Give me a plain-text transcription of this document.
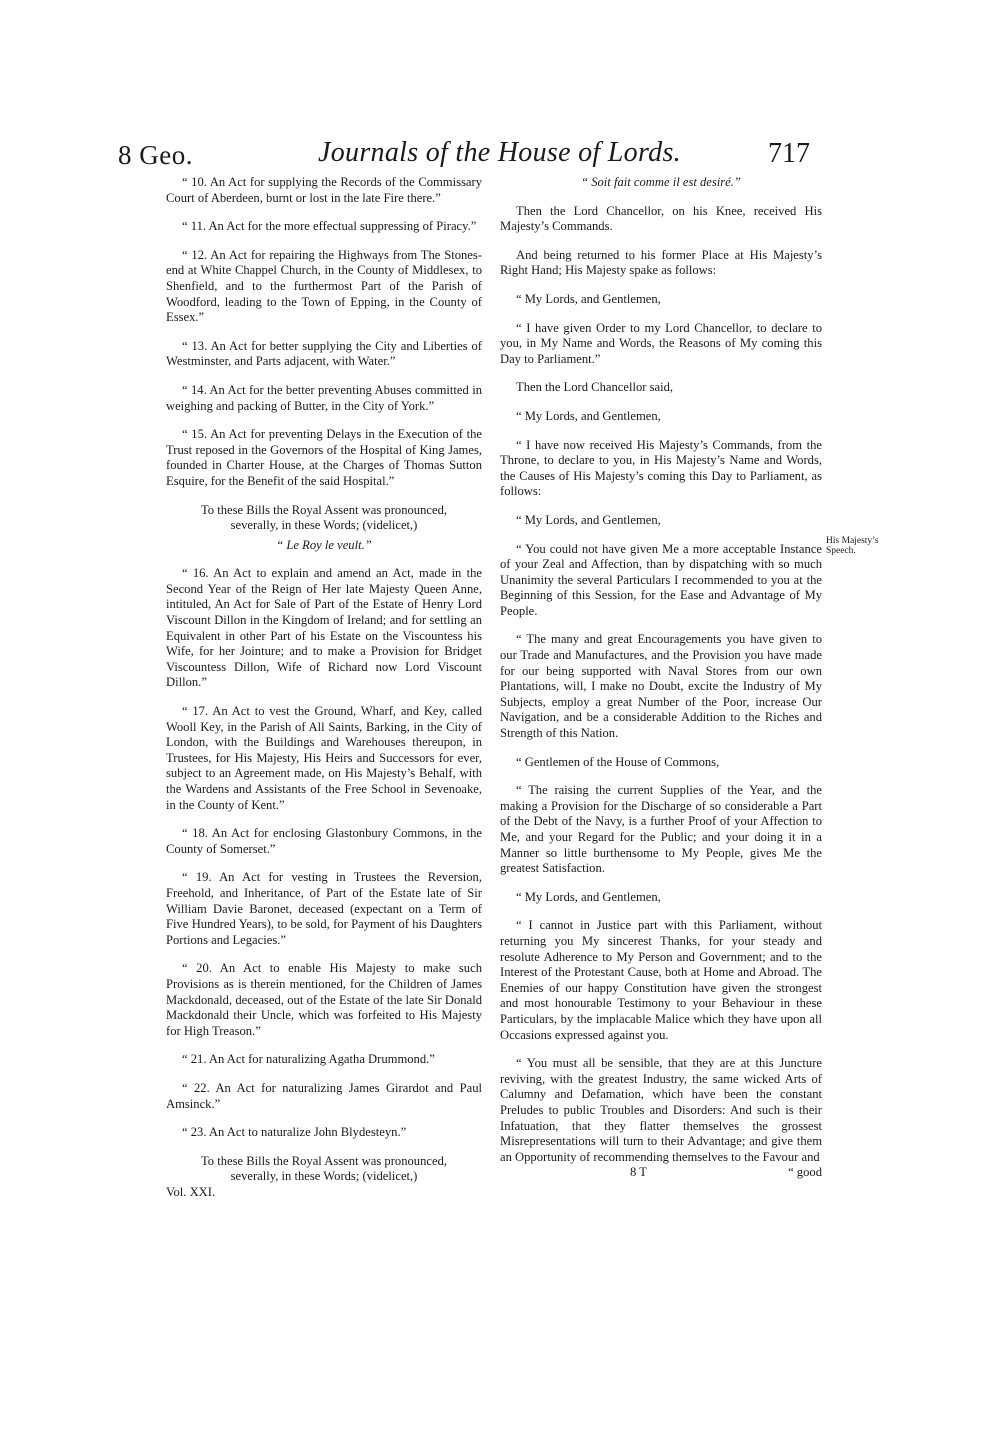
8 Geo.	Journals of the House of Lords.	717

“ 10. An Act for supplying the Records of the Commissary Court of Aberdeen, burnt or lost in the late Fire there.”

“ 11. An Act for the more effectual suppressing of Piracy.”

“ 12. An Act for repairing the Highways from The Stones-end at White Chappel Church, in the County of Middlesex, to Shenfield, and to the furthermost Part of the Parish of Woodford, leading to the Town of Epping, in the County of Essex.”

“ 13. An Act for better supplying the City and Liberties of Westminster, and Parts adjacent, with Water.”

“ 14. An Act for the better preventing Abuses committed in weighing and packing of Butter, in the City of York.”

“ 15. An Act for preventing Delays in the Execution of the Trust reposed in the Governors of the Hospital of King James, founded in Charter House, at the Charges of Thomas Sutton Esquire, for the Benefit of the said Hospital.”

To these Bills the Royal Assent was pronounced, severally, in these Words; (videlicet,)

“ Le Roy le veult.”

“ 16. An Act to explain and amend an Act, made in the Second Year of the Reign of Her late Majesty Queen Anne, intituled, An Act for Sale of Part of the Estate of Henry Lord Viscount Dillon in the Kingdom of Ireland; and for settling an Equivalent in other Part of his Estate on the Viscountess his Wife, for her Jointure; and to make a Provision for Bridget Viscountess Dillon, Wife of Richard now Lord Viscount Dillon.”

“ 17. An Act to vest the Ground, Wharf, and Key, called Wooll Key, in the Parish of All Saints, Barking, in the City of London, with the Buildings and Warehouses thereupon, in Trustees, for His Majesty, His Heirs and Successors for ever, subject to an Agreement made, on His Majesty’s Behalf, with the Wardens and Assistants of the Free School in Sevenoake, in the County of Kent.”

“ 18. An Act for enclosing Glastonbury Commons, in the County of Somerset.”

“ 19. An Act for vesting in Trustees the Reversion, Freehold, and Inheritance, of Part of the Estate late of Sir William Davie Baronet, deceased (expectant on a Term of Five Hundred Years), to be sold, for Payment of his Daughters Portions and Legacies.”

“ 20. An Act to enable His Majesty to make such Provisions as is therein mentioned, for the Children of James Mackdonald, deceased, out of the Estate of the late Sir Donald Mackdonald their Uncle, which was forfeited to His Majesty for High Treason.”

“ 21. An Act for naturalizing Agatha Drummond.”

“ 22. An Act for naturalizing James Girardot and Paul Amsinck.”

“ 23. An Act to naturalize John Blydesteyn.”

To these Bills the Royal Assent was pronounced, severally, in these Words; (videlicet,)

Vol. XXI.

“ Soit fait comme il est desiré.”

Then the Lord Chancellor, on his Knee, received His Majesty’s Commands.

And being returned to his former Place at His Majesty’s Right Hand; His Majesty spake as follows:

“ My Lords, and Gentlemen,

“ I have given Order to my Lord Chancellor, to declare to you, in My Name and Words, the Reasons of My coming this Day to Parliament.”

Then the Lord Chancellor said,

“ My Lords, and Gentlemen,

“ I have now received His Majesty’s Commands, from the Throne, to declare to you, in His Majesty’s Name and Words, the Causes of His Majesty’s coming this Day to Parliament, as follows:

“ My Lords, and Gentlemen,

“ You could not have given Me a more acceptable Instance of your Zeal and Affection, than by dispatching with so much Unanimity the several Particulars I recommended to you at the Beginning of this Session, for the Ease and Advantage of My People.

“ The many and great Encouragements you have given to our Trade and Manufactures, and the Provision you have made for our being supported with Naval Stores from our own Plantations, will, I make no Doubt, excite the Industry of My Subjects, employ a great Number of the Poor, increase Our Navigation, and be a considerable Addition to the Riches and Strength of this Nation.

“ Gentlemen of the House of Commons,

“ The raising the current Supplies of the Year, and the making a Provision for the Discharge of so considerable a Part of the Debt of the Navy, is a further Proof of your Affection to Me, and your Regard for the Public; and your doing it in a Manner so little burthensome to My People, gives Me the greatest Satisfaction.

“ My Lords, and Gentlemen,

“ I cannot in Justice part with this Parliament, without returning you My sincerest Thanks, for your steady and resolute Adherence to My Person and Government; and to the Interest of the Protestant Cause, both at Home and Abroad. The Enemies of our happy Constitution have given the strongest and most honourable Testimony to your Behaviour in these Particulars, by the implacable Malice which they have upon all Occasions expressed against you.

“ You must all be sensible, that they are at this Juncture reviving, with the greatest Industry, the same wicked Arts of Calumny and Defamation, which have been the constant Preludes to public Troubles and Disorders: And such is their Infatuation, that they flatter themselves the grossest Misrepresentations will turn to their Advantage; and give them an Opportunity of recommending themselves to the Favour and

8 T	“ good
His Majesty’s Speech.
